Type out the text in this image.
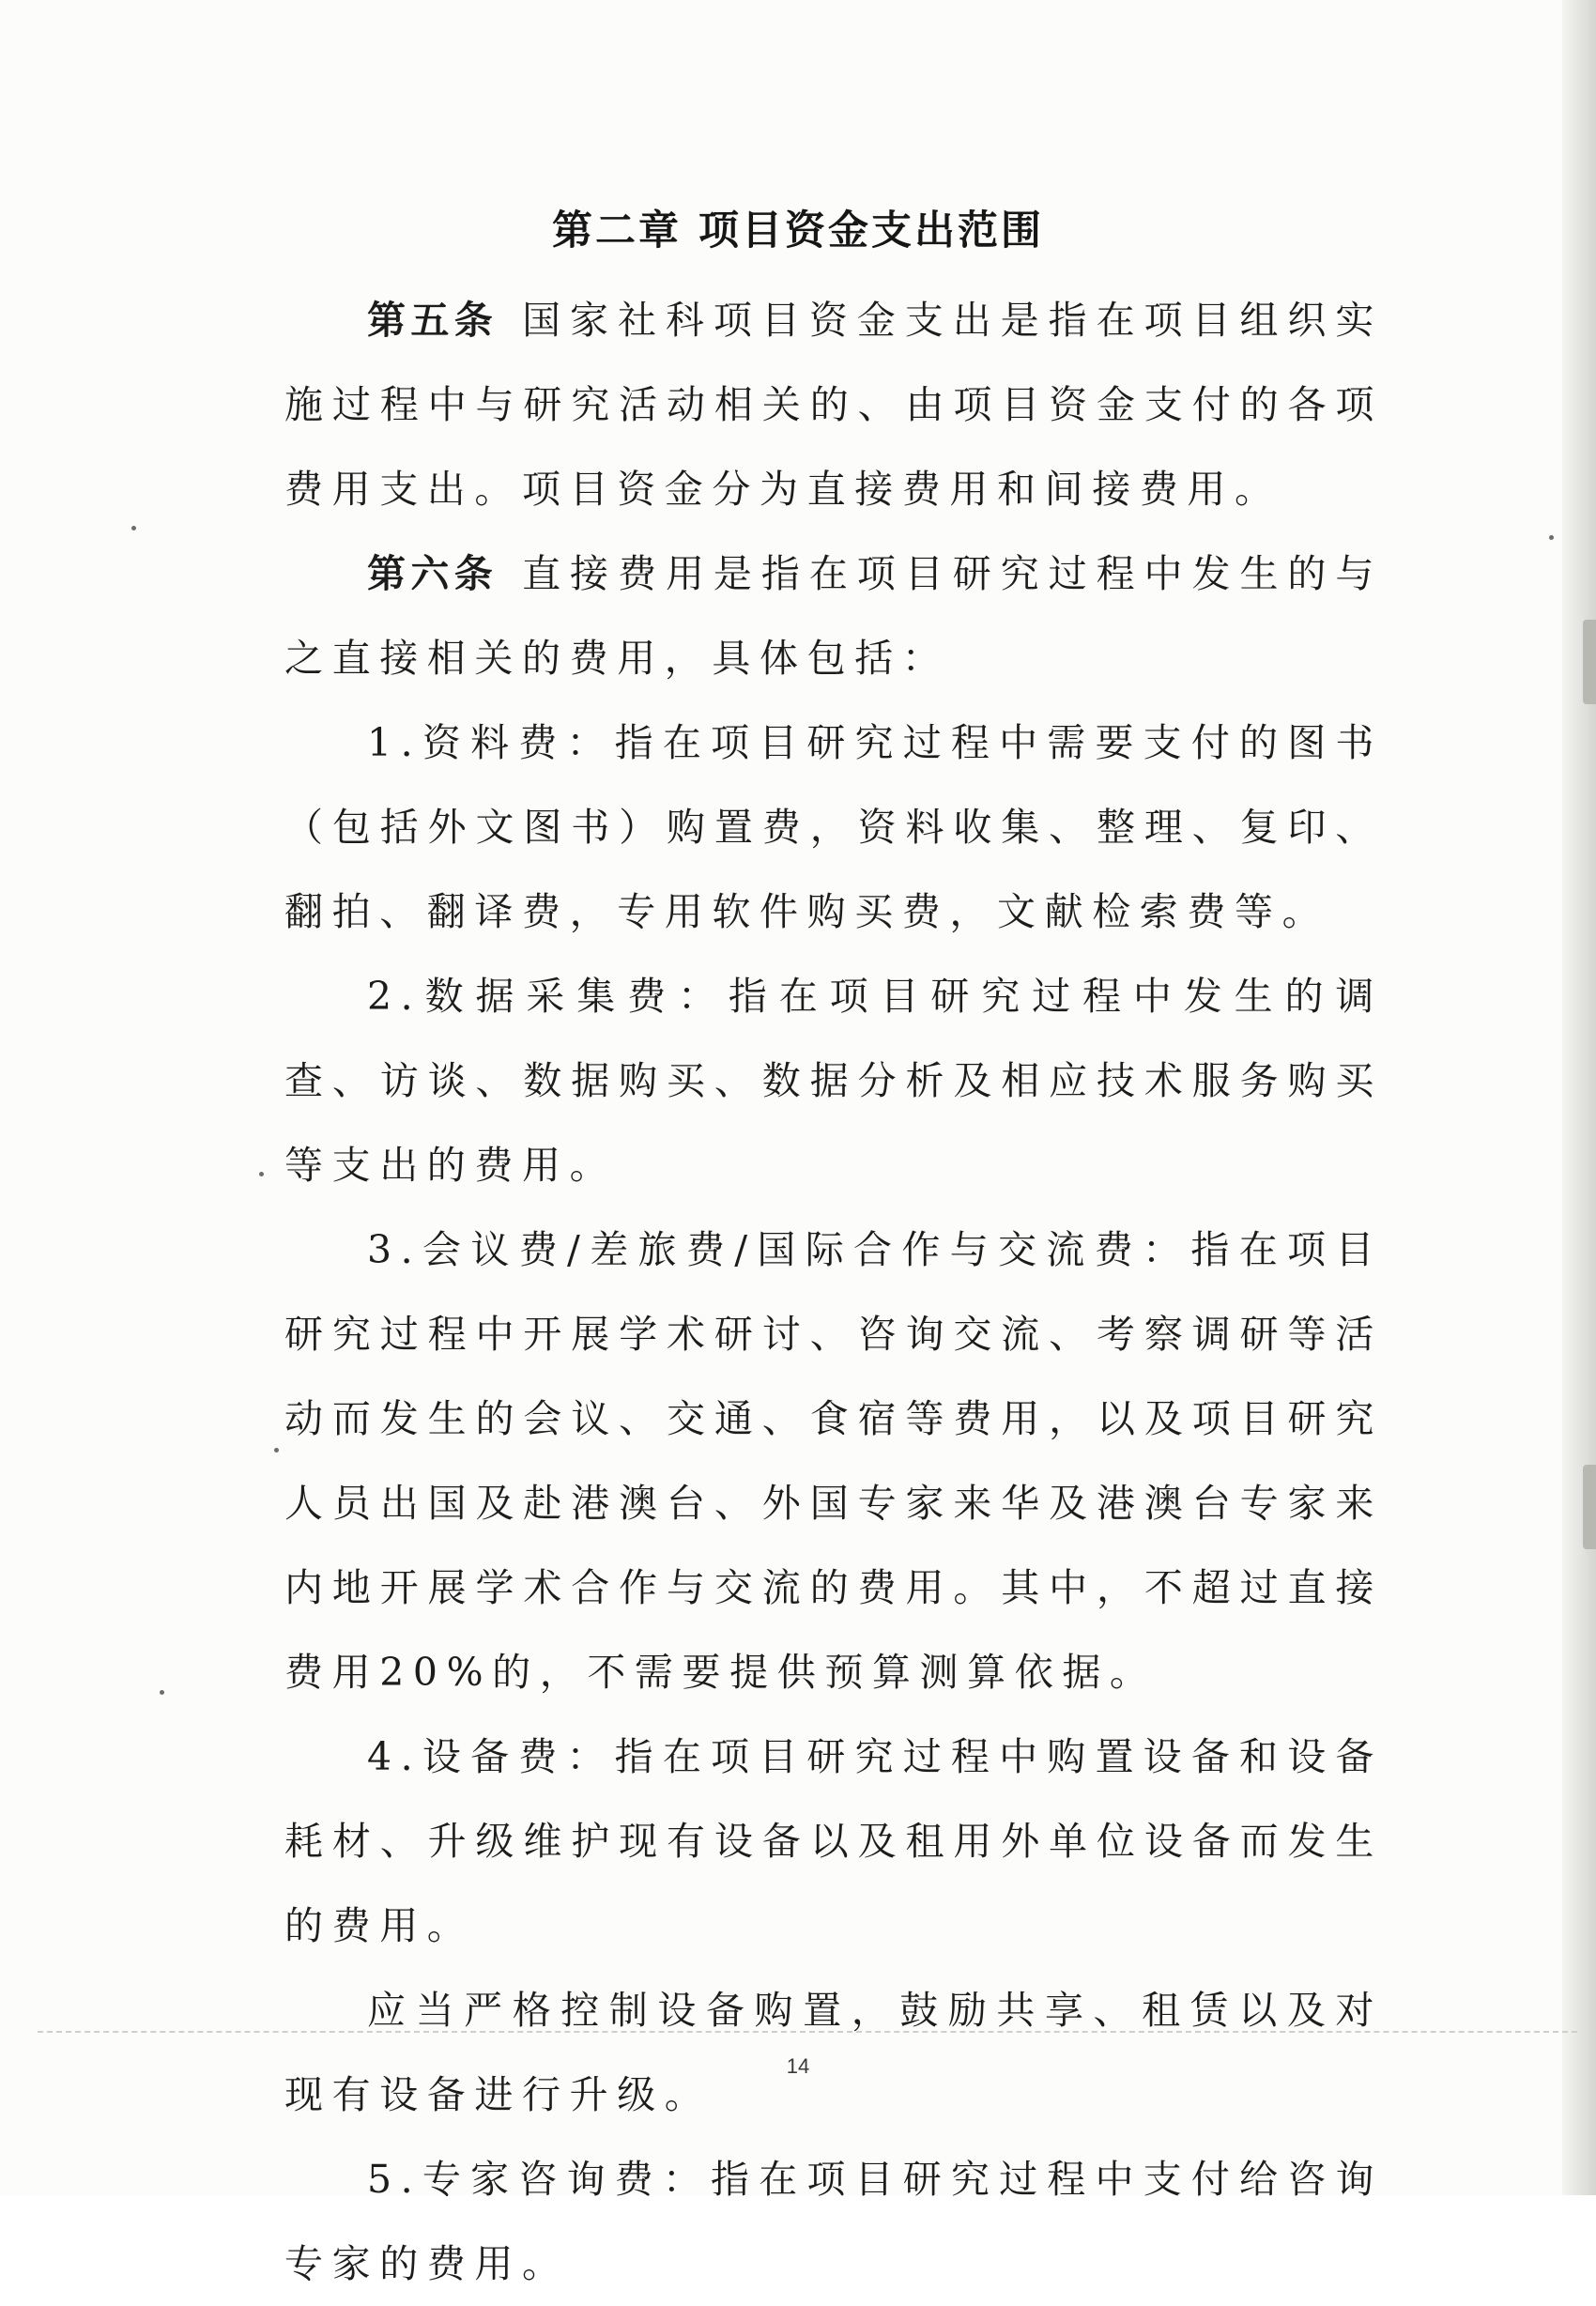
第二章 项目资金支出范围

第五条 国家社科项目资金支出是指在项目组织实施过程中与研究活动相关的、由项目资金支付的各项费用支出。项目资金分为直接费用和间接费用。

第六条 直接费用是指在项目研究过程中发生的与之直接相关的费用，具体包括：

1.资料费：指在项目研究过程中需要支付的图书（包括外文图书）购置费，资料收集、整理、复印、翻拍、翻译费，专用软件购买费，文献检索费等。

2.数据采集费：指在项目研究过程中发生的调查、访谈、数据购买、数据分析及相应技术服务购买等支出的费用。

3.会议费/差旅费/国际合作与交流费：指在项目研究过程中开展学术研讨、咨询交流、考察调研等活动而发生的会议、交通、食宿等费用，以及项目研究人员出国及赴港澳台、外国专家来华及港澳台专家来内地开展学术合作与交流的费用。其中，不超过直接费用20%的，不需要提供预算测算依据。

4.设备费：指在项目研究过程中购置设备和设备耗材、升级维护现有设备以及租用外单位设备而发生的费用。

应当严格控制设备购置，鼓励共享、租赁以及对现有设备进行升级。

5.专家咨询费：指在项目研究过程中支付给咨询专家的费用。

14
